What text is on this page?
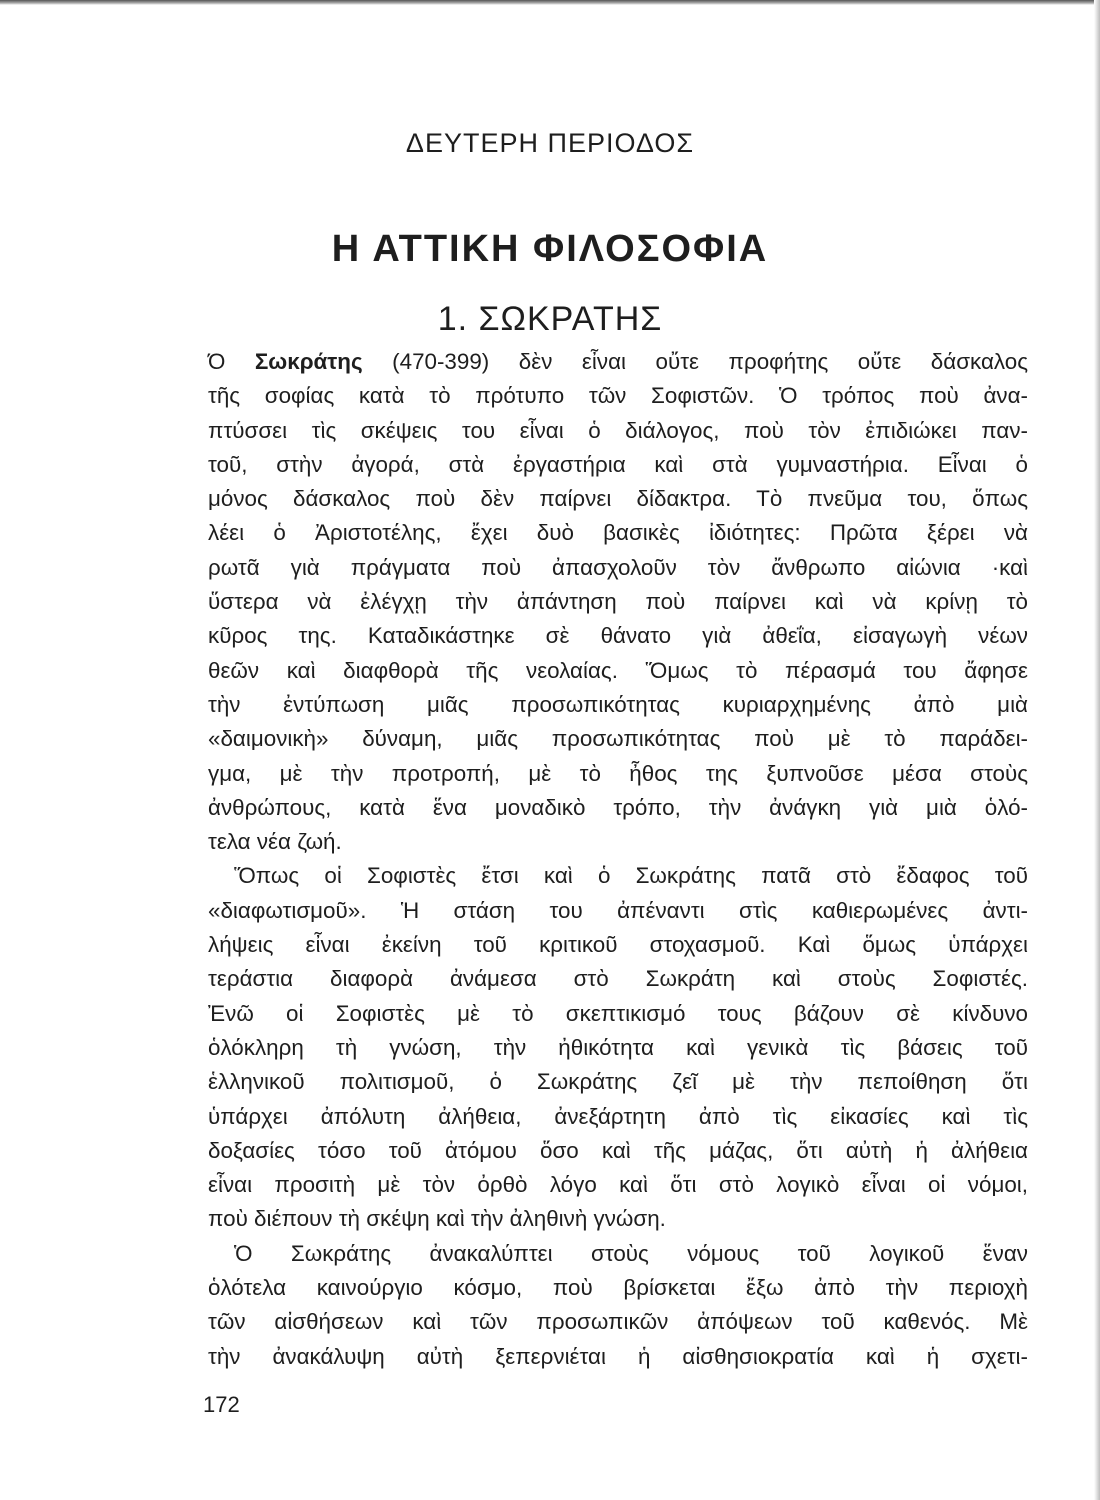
ΔΕΥΤΕΡΗ ΠΕΡΙΟΔΟΣ
Η ΑΤΤΙΚΗ ΦΙΛΟΣΟΦΙΑ
1. ΣΩΚΡΑΤΗΣ
Ό Σωκράτης (470-399) δὲν εἶναι οὔτε προφήτης οὔτε δάσκαλος
τῆς σοφίας κατὰ τὸ πρότυπο τῶν Σοφιστῶν. Ὁ τρόπος ποὺ ἀνα-
πτύσσει τὶς σκέψεις του εἶναι ὁ διάλογος, ποὺ τὸν ἐπιδιώκει παν-
τοῦ, στὴν ἀγορά, στὰ ἐργαστήρια καὶ στὰ γυμναστήρια. Εἶναι ὁ
μόνος δάσκαλος ποὺ δὲν παίρνει δίδακτρα. Τὸ πνεῦμα του, ὅπως
λέει ὁ Ἀριστοτέλης, ἔχει δυὸ βασικὲς ἰδιότητες: Πρῶτα ξέρει νὰ
ρωτᾶ γιὰ πράγματα ποὺ ἀπασχολοῦν τὸν ἄνθρωπο αἰώνια ·καὶ
ὕστερα νὰ ἐλέγχῃ τὴν ἀπάντηση ποὺ παίρνει καὶ νὰ κρίνῃ τὸ
κῦρος της. Καταδικάστηκε σὲ θάνατο γιὰ ἀθεΐα, εἰσαγωγὴ νέων
θεῶν καὶ διαφθορὰ τῆς νεολαίας. Ὅμως τὸ πέρασμά του ἄφησε
τὴν ἐντύπωση μιᾶς προσωπικότητας κυριαρχημένης ἀπὸ μιὰ
«δαιμονικὴ» δύναμη, μιᾶς προσωπικότητας ποὺ μὲ τὸ παράδει-
γμα, μὲ τὴν προτροπή, μὲ τὸ ἦθος της ξυπνοῦσε μέσα στοὺς
ἀνθρώπους, κατὰ ἕνα μοναδικὸ τρόπο, τὴν ἀνάγκη γιὰ μιὰ ὁλό-
τελα νέα ζωή.
Ὅπως οἱ Σοφιστὲς ἔτσι καὶ ὁ Σωκράτης πατᾶ στὸ ἔδαφος τοῦ
«διαφωτισμοῦ». Ἡ στάση του ἀπέναντι στὶς καθιερωμένες ἀντι-
λήψεις εἶναι ἐκείνη τοῦ κριτικοῦ στοχασμοῦ. Καὶ ὅμως ὑπάρχει
τεράστια διαφορὰ ἀνάμεσα στὸ Σωκράτη καὶ στοὺς Σοφιστές.
Ἐνῶ οἱ Σοφιστὲς μὲ τὸ σκεπτικισμό τους βάζουν σὲ κίνδυνο
ὁλόκληρη τὴ γνώση, τὴν ἠθικότητα καὶ γενικὰ τὶς βάσεις τοῦ
ἑλληνικοῦ πολιτισμοῦ, ὁ Σωκράτης ζεῖ μὲ τὴν πεποίθηση ὅτι
ὑπάρχει ἀπόλυτη ἀλήθεια, ἀνεξάρτητη ἀπὸ τὶς εἰκασίες καὶ τὶς
δοξασίες τόσο τοῦ ἀτόμου ὅσο καὶ τῆς μάζας, ὅτι αὐτὴ ἡ ἀλήθεια
εἶναι προσιτὴ μὲ τὸν ὀρθὸ λόγο καὶ ὅτι στὸ λογικὸ εἶναι οἱ νόμοι,
ποὺ διέπουν τὴ σκέψη καὶ τὴν ἀληθινὴ γνώση.
Ὁ Σωκράτης ἀνακαλύπτει στοὺς νόμους τοῦ λογικοῦ ἕναν
ὁλότελα καινούργιο κόσμο, ποὺ βρίσκεται ἔξω ἀπὸ τὴν περιοχὴ
τῶν αἰσθήσεων καὶ τῶν προσωπικῶν ἀπόψεων τοῦ καθενός. Μὲ
τὴν ἀνακάλυψη αὐτὴ ξεπερνιέται ἡ αἰσθησιοκρατία καὶ ἡ σχετι-
172
